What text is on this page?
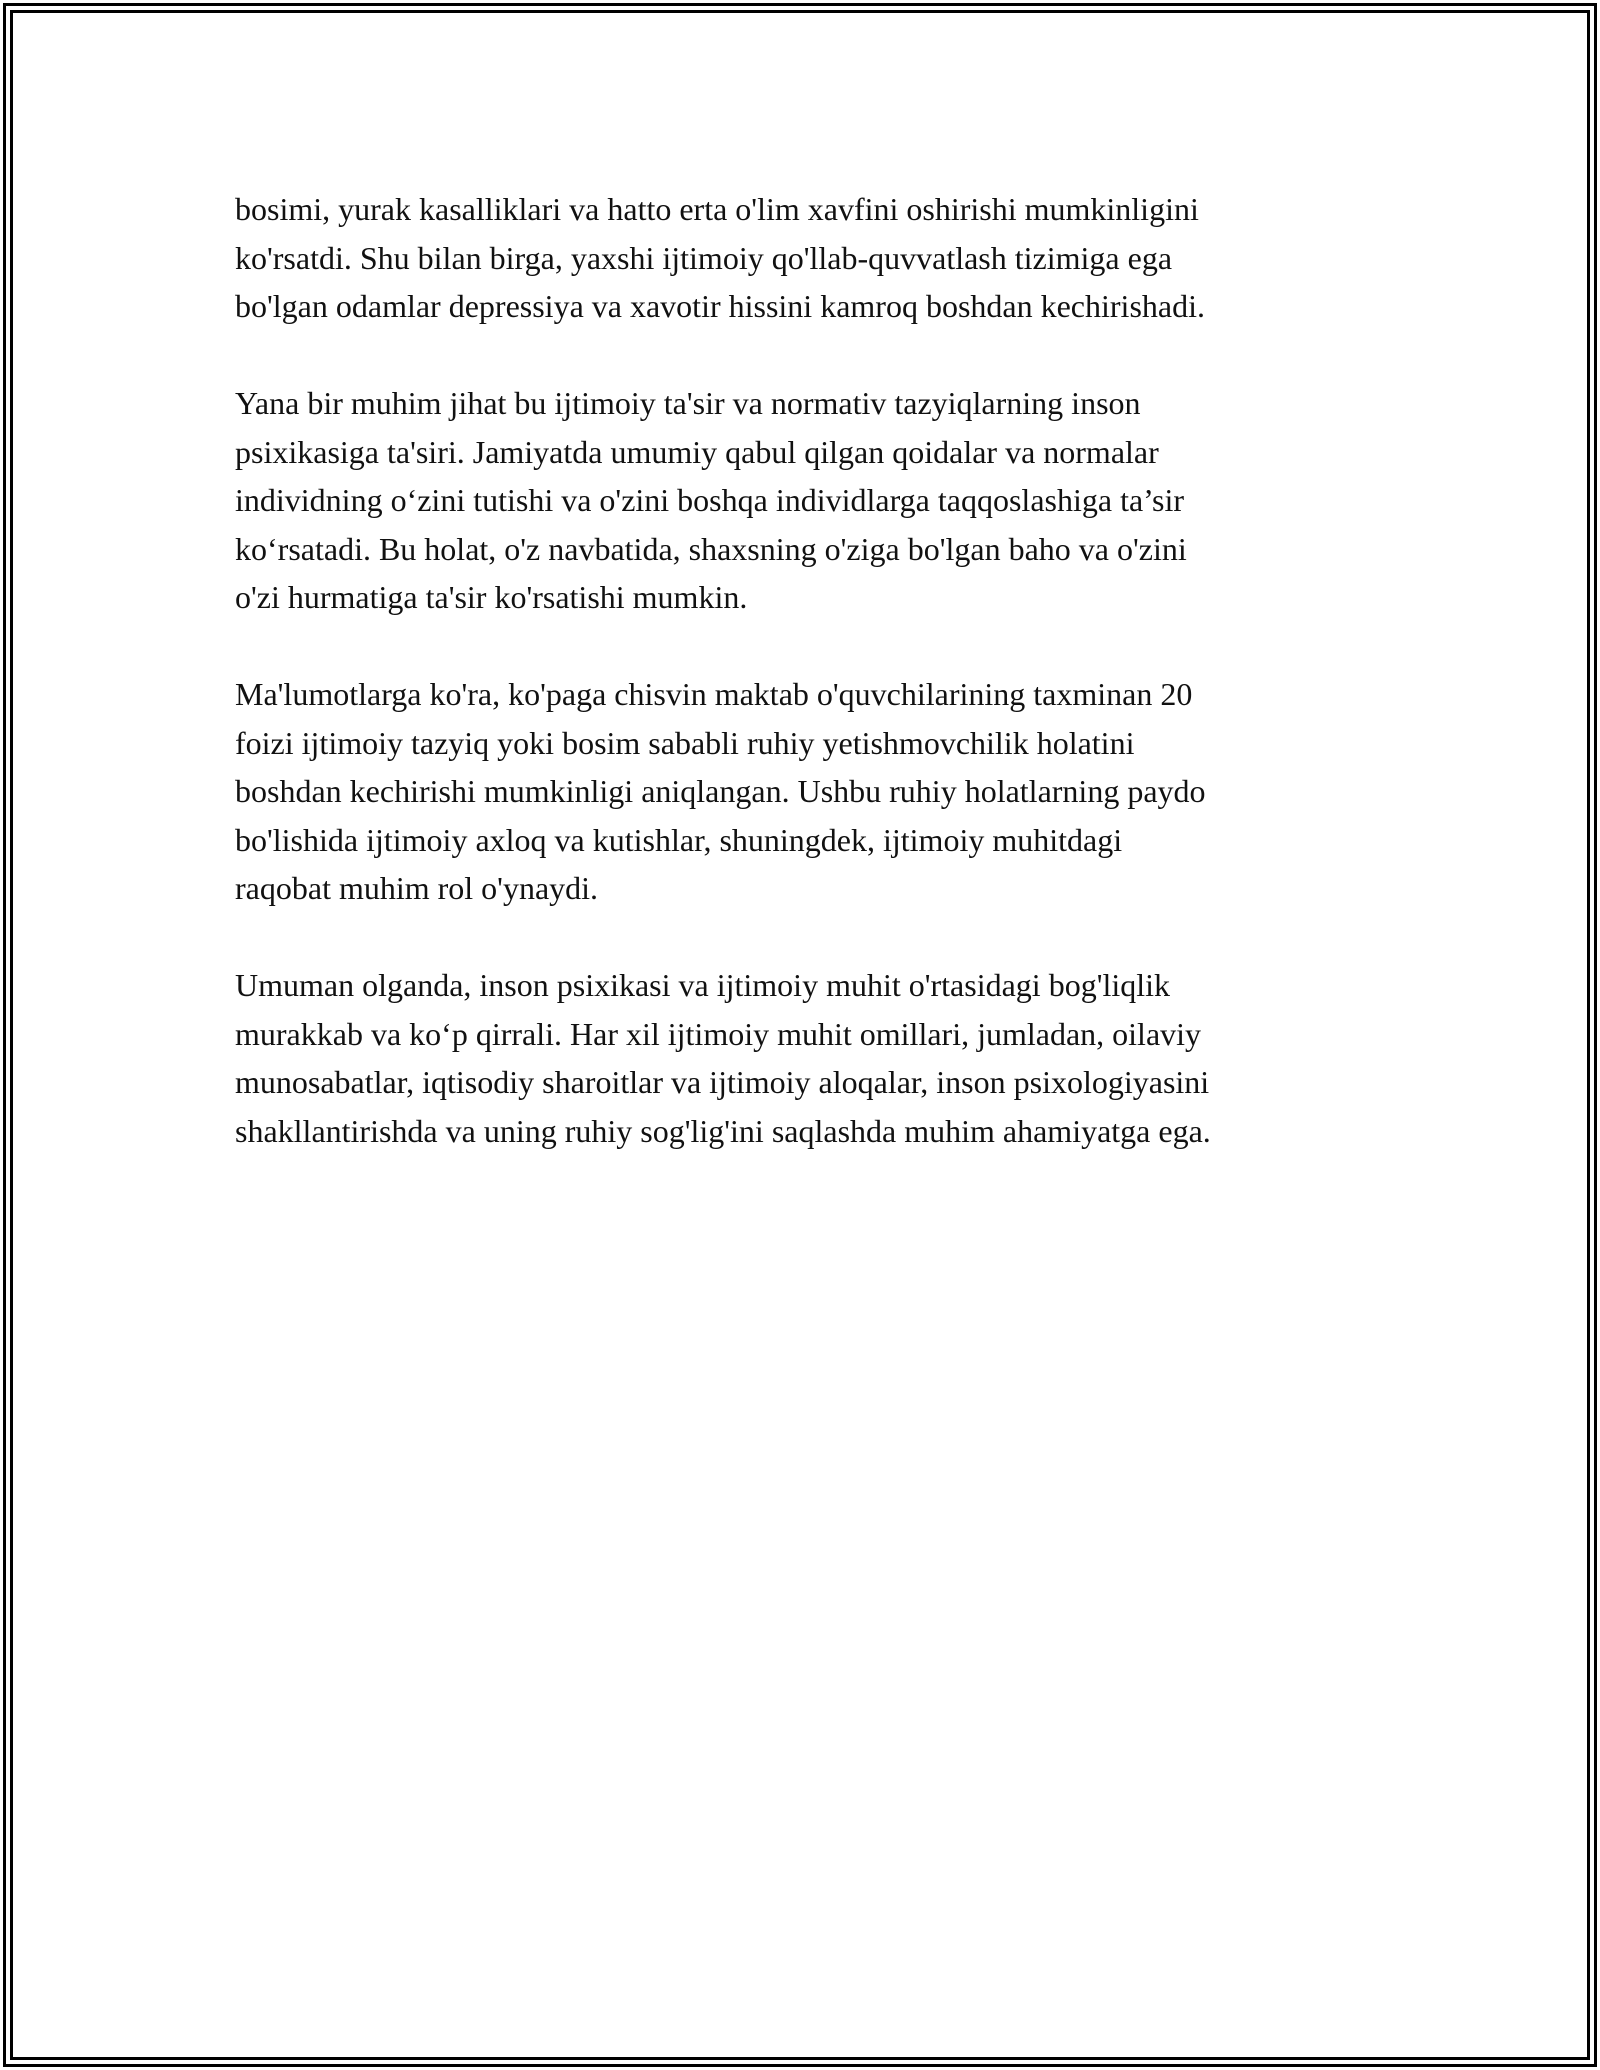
bosimi, yurak kasalliklari va hatto erta o'lim xavfini oshirishi mumkinligini
ko'rsatdi. Shu bilan birga, yaxshi ijtimoiy qo'llab-quvvatlash tizimiga ega
bo'lgan odamlar depressiya va xavotir hissini kamroq boshdan kechirishadi.

Yana bir muhim jihat bu ijtimoiy ta'sir va normativ tazyiqlarning inson
psixikasiga ta'siri. Jamiyatda umumiy qabul qilgan qoidalar va normalar
individning o‘zini tutishi va o'zini boshqa individlarga taqqoslashiga ta’sir
ko‘rsatadi. Bu holat, o'z navbatida, shaxsning o'ziga bo'lgan baho va o'zini
o'zi hurmatiga ta'sir ko'rsatishi mumkin.

Ma'lumotlarga ko'ra, ko'paga chisvin maktab o'quvchilarining taxminan 20
foizi ijtimoiy tazyiq yoki bosim sababli ruhiy yetishmovchilik holatini
boshdan kechirishi mumkinligi aniqlangan. Ushbu ruhiy holatlarning paydo
bo'lishida ijtimoiy axloq va kutishlar, shuningdek, ijtimoiy muhitdagi
raqobat muhim rol o'ynaydi.

Umuman olganda, inson psixikasi va ijtimoiy muhit o'rtasidagi bog'liqlik
murakkab va ko‘p qirrali. Har xil ijtimoiy muhit omillari, jumladan, oilaviy
munosabatlar, iqtisodiy sharoitlar va ijtimoiy aloqalar, inson psixologiyasini
shakllantirishda va uning ruhiy sog'lig'ini saqlashda muhim ahamiyatga ega.
